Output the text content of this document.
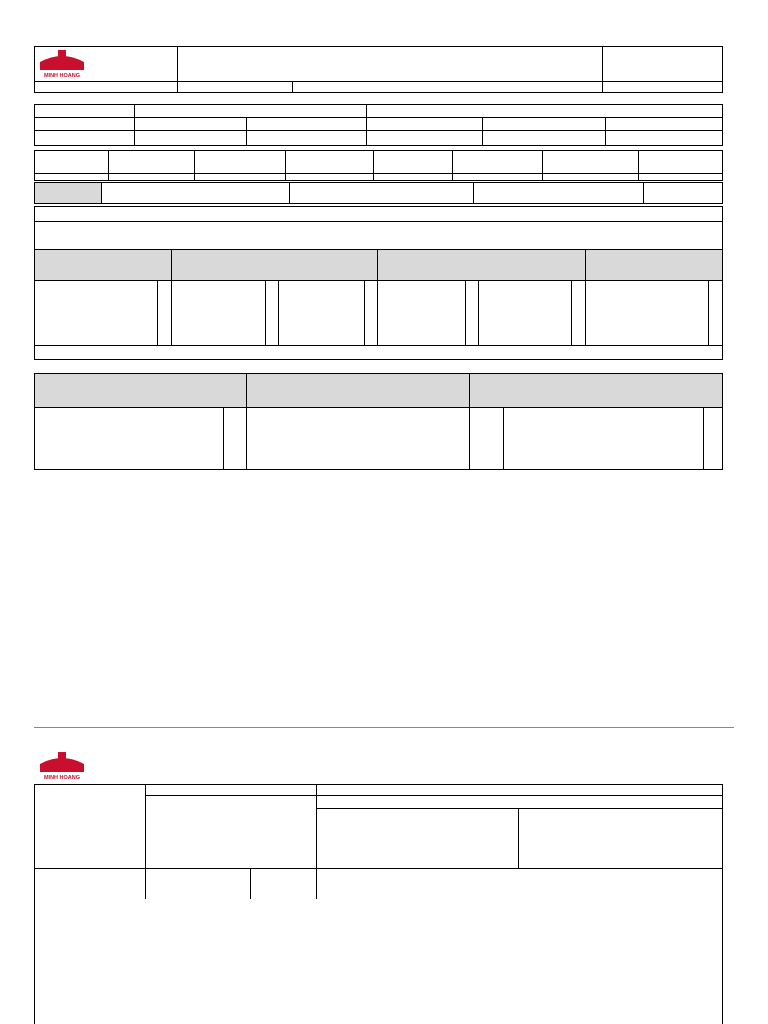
MINH HOANG
MINH HOANG
